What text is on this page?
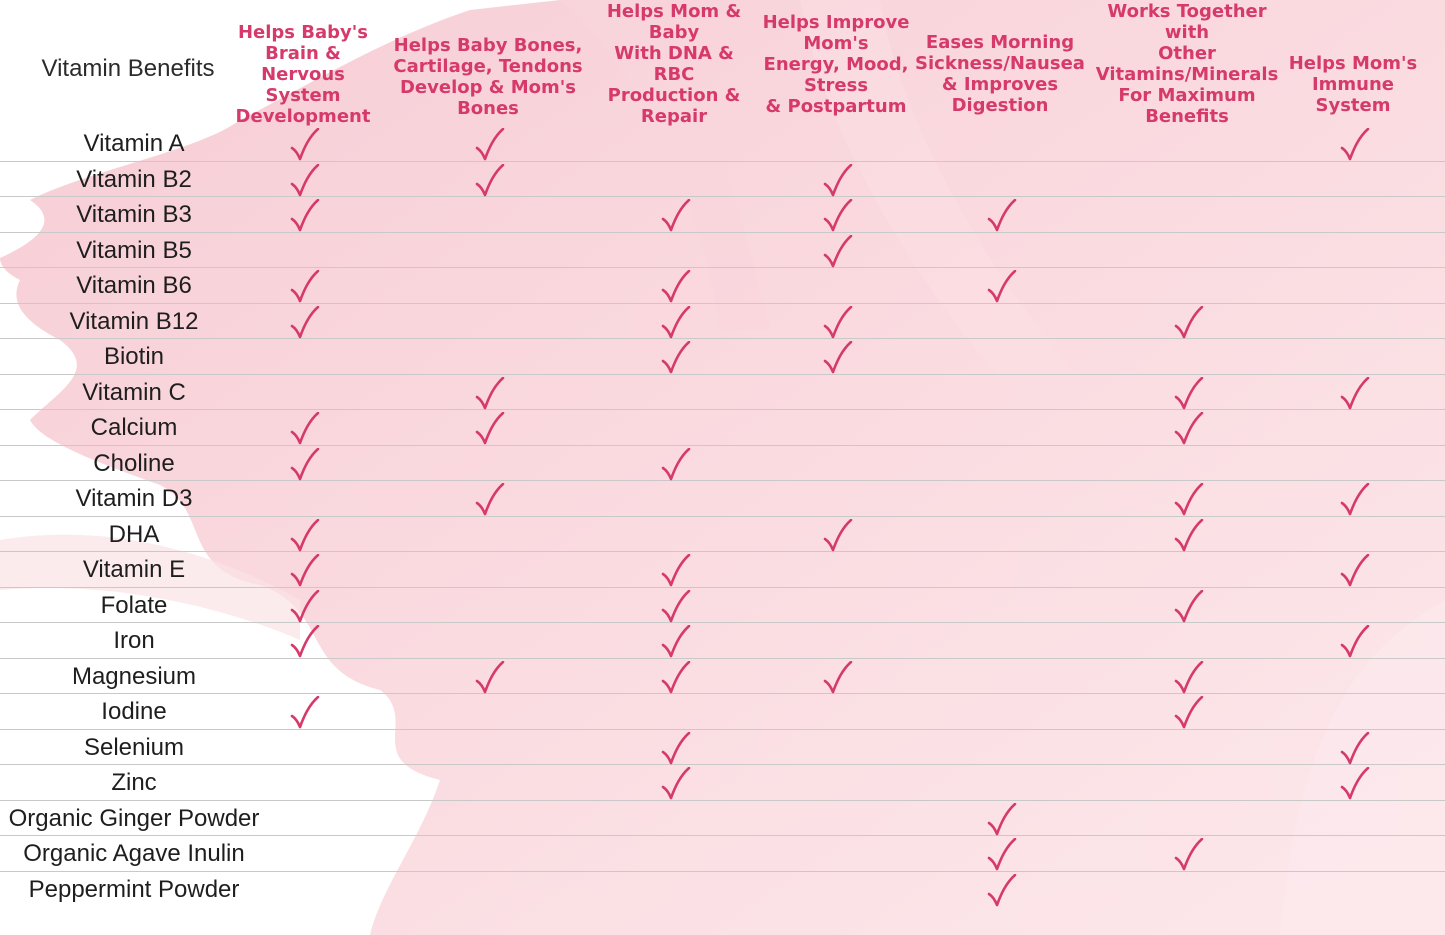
Vitamin Benefits
Helps Baby's
Brain & Nervous
System
Development
Helps Baby Bones,
Cartilage, Tendons
Develop & Mom's
Bones
Helps Mom &
Baby
With DNA & RBC
Production &
Repair
Helps Improve
Mom's
Energy, Mood,
Stress
& Postpartum
Eases Morning
Sickness/Nausea
& Improves
Digestion
Works Together with
Other
Vitamins/Minerals
For Maximum
Benefits
Helps Mom's
Immune
System
Vitamin A
Vitamin B2
Vitamin B3
Vitamin B5
Vitamin B6
Vitamin B12
Biotin
Vitamin C
Calcium
Choline
Vitamin D3
DHA
Vitamin E
Folate
Iron
Magnesium
Iodine
Selenium
Zinc
Organic Ginger Powder
Organic Agave Inulin
Peppermint Powder
